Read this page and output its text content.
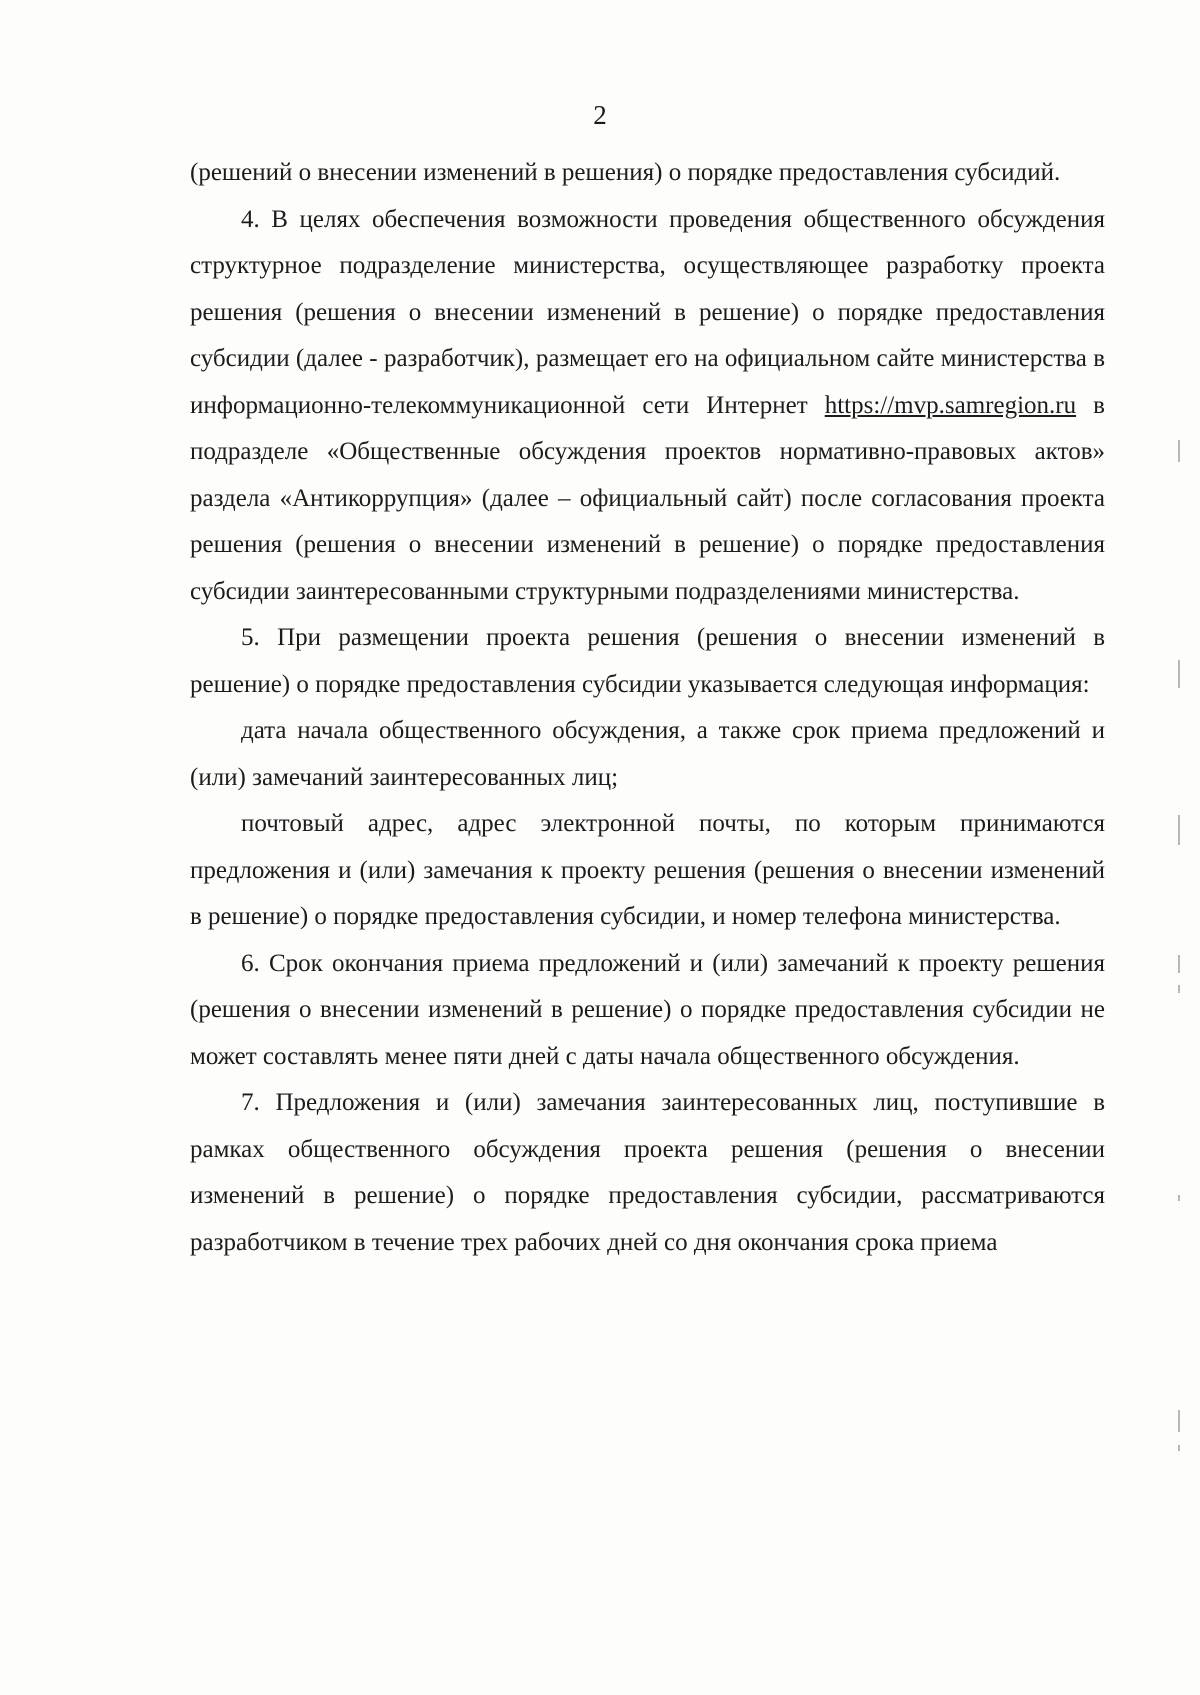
2

(решений о внесении изменений в решения) о порядке предоставления субсидий.

4. В целях обеспечения возможности проведения общественного обсуждения структурное подразделение министерства, осуществляющее разработку проекта решения (решения о внесении изменений в решение) о порядке предоставления субсидии (далее - разработчик), размещает его на официальном сайте министерства в информационно-телекоммуникационной сети Интернет https://mvp.samregion.ru в подразделе «Общественные обсуждения проектов нормативно-правовых актов» раздела «Антикоррупция» (далее – официальный сайт) после согласования проекта решения (решения о внесении изменений в решение) о порядке предоставления субсидии заинтересованными структурными подразделениями министерства.

5. При размещении проекта решения (решения о внесении изменений в решение) о порядке предоставления субсидии указывается следующая информация:

дата начала общественного обсуждения, а также срок приема предложений и (или) замечаний заинтересованных лиц;

почтовый адрес, адрес электронной почты, по которым принимаются предложения и (или) замечания к проекту решения (решения о внесении изменений в решение) о порядке предоставления субсидии, и номер телефона министерства.

6. Срок окончания приема предложений и (или) замечаний к проекту решения (решения о внесении изменений в решение) о порядке предоставления субсидии не может составлять менее пяти дней с даты начала общественного обсуждения.

7. Предложения и (или) замечания заинтересованных лиц, поступившие в рамках общественного обсуждения проекта решения (решения о внесении изменений в решение) о порядке предоставления субсидии, рассматриваются разработчиком в течение трех рабочих дней со дня окончания срока приема
